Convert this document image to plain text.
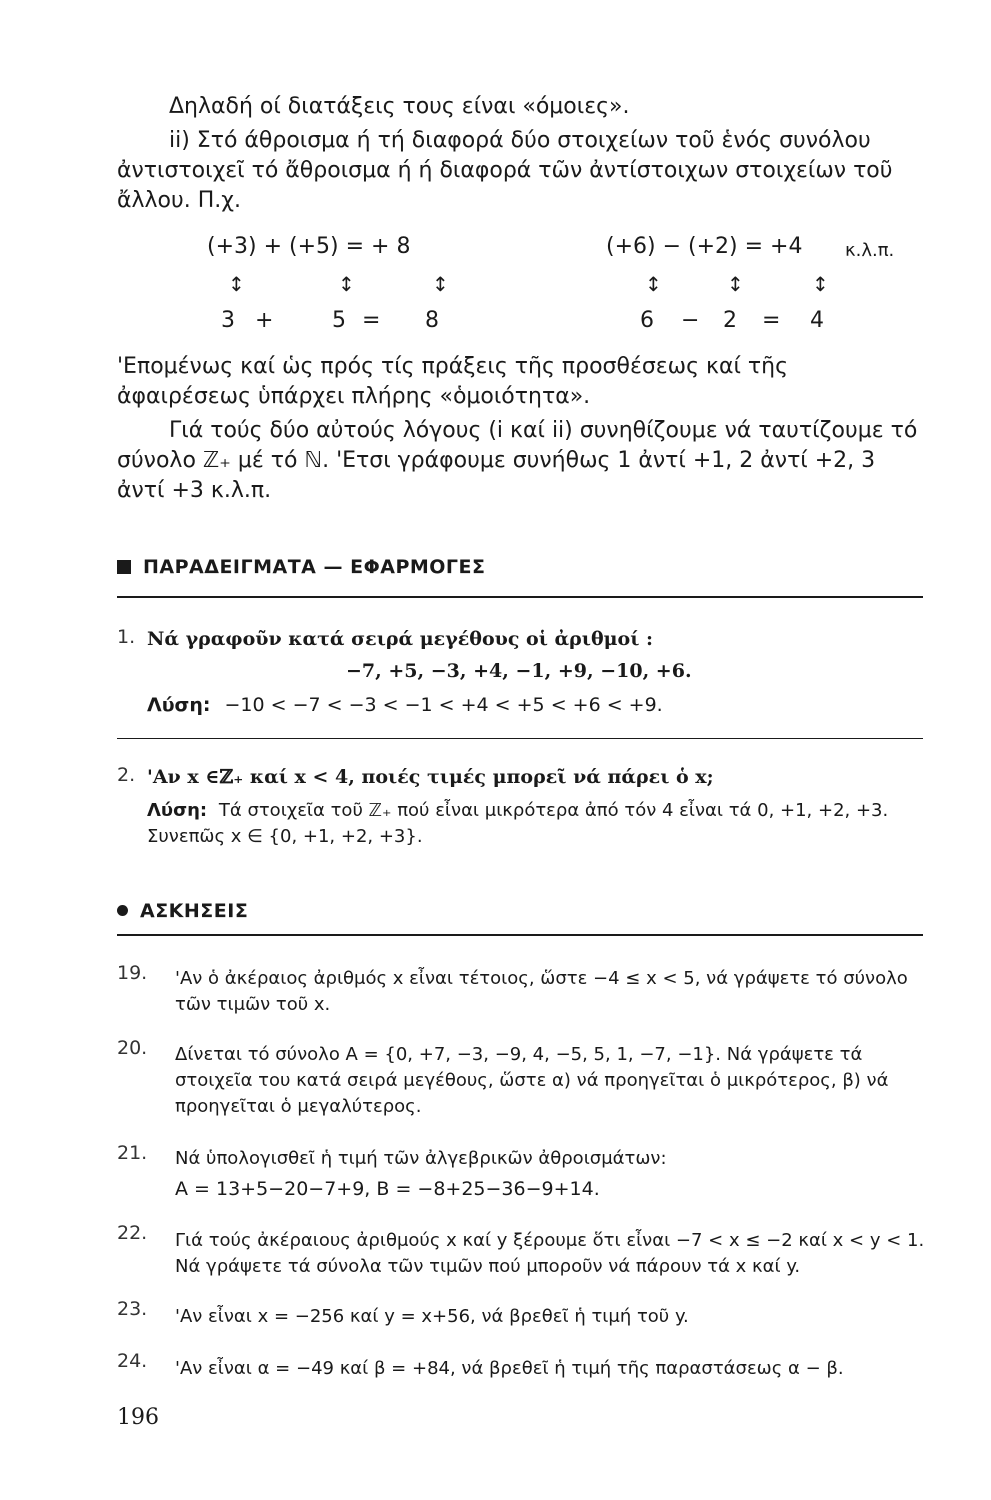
Δηλαδή οί διατάξεις τους είναι «όμοιες».

ii) Στό άθροισμα ή τή διαφορά δύο στοιχείων τοῦ ἑνός συνόλου ἀντιστοιχεῖ τό ἄθροισμα ή ή διαφορά τῶν ἀντίστοιχων στοιχείων τοῦ ἄλλου. Π.χ.

(+3) + (+5) = + 8
↕	↕	↕
3 +	5 = 8
(+6) − (+2) = +4 κ.λ.π.
↕	↕	↕
6 − 2 = 4

'Επομένως καί ὡς πρός τίς πράξεις τῆς προσθέσεως καί τῆς ἀφαιρέσεως ὑπάρχει πλήρης «ὁμοιότητα».

Γιά τούς δύο αὐτούς λόγους (i καί ii) συνηθίζουμε νά ταυτίζουμε τό σύνολο ℤ₊ μέ τό ℕ. 'Ετσι γράφουμε συνήθως 1 ἀντί +1, 2 ἀντί +2, 3 ἀντί +3 κ.λ.π.

ΠΑΡΑΔΕΙΓΜΑΤΑ — ΕΦΑΡΜΟΓΕΣ
1. Νά γραφοῦν κατά σειρά μεγέθους οἱ ἀριθμοί :
−7, +5, −3, +4, −1, +9, −10, +6.
Λύση: −10 < −7 < −3 < −1 < +4 < +5 < +6 < +9.
2. 'Αν x ∈ℤ₊ καί x < 4, ποιές τιμές μπορεῖ νά πάρει ὁ x;
Λύση: Τά στοιχεῖα τοῦ ℤ₊ πού εἶναι μικρότερα ἀπό τόν 4 εἶναι τά 0, +1, +2, +3. Συνεπῶς x ∈ {0, +1, +2, +3}.
ΑΣΚΗΣΕΙΣ
19. 'Αν ὁ ἀκέραιος ἀριθμός x εἶναι τέτοιος, ὥστε −4 ≤ x < 5, νά γράψετε τό σύνολο τῶν τιμῶν τοῦ x.
20. Δίνεται τό σύνολο A = {0, +7, −3, −9, 4, −5, 5, 1, −7, −1}. Νά γράψετε τά στοιχεῖα του κατά σειρά μεγέθους, ὥστε α) νά προηγεῖται ὁ μικρότερος, β) νά προηγεῖται ὁ μεγαλύτερος.
21. Νά ὑπολογισθεῖ ἡ τιμή τῶν ἀλγεβρικῶν ἀθροισμάτων:
A = 13+5−20−7+9, B = −8+25−36−9+14.
22. Γιά τούς ἀκέραιους ἀριθμούς x καί y ξέρουμε ὅτι εἶναι −7 < x ≤ −2 καί x < y < 1. Νά γράψετε τά σύνολα τῶν τιμῶν πού μποροῦν νά πάρουν τά x καί y.
23. 'Αν εἶναι x = −256 καί y = x+56, νά βρεθεῖ ἡ τιμή τοῦ y.
24. 'Αν εἶναι α = −49 καί β = +84, νά βρεθεῖ ἡ τιμή τῆς παραστάσεως α − β.
196
